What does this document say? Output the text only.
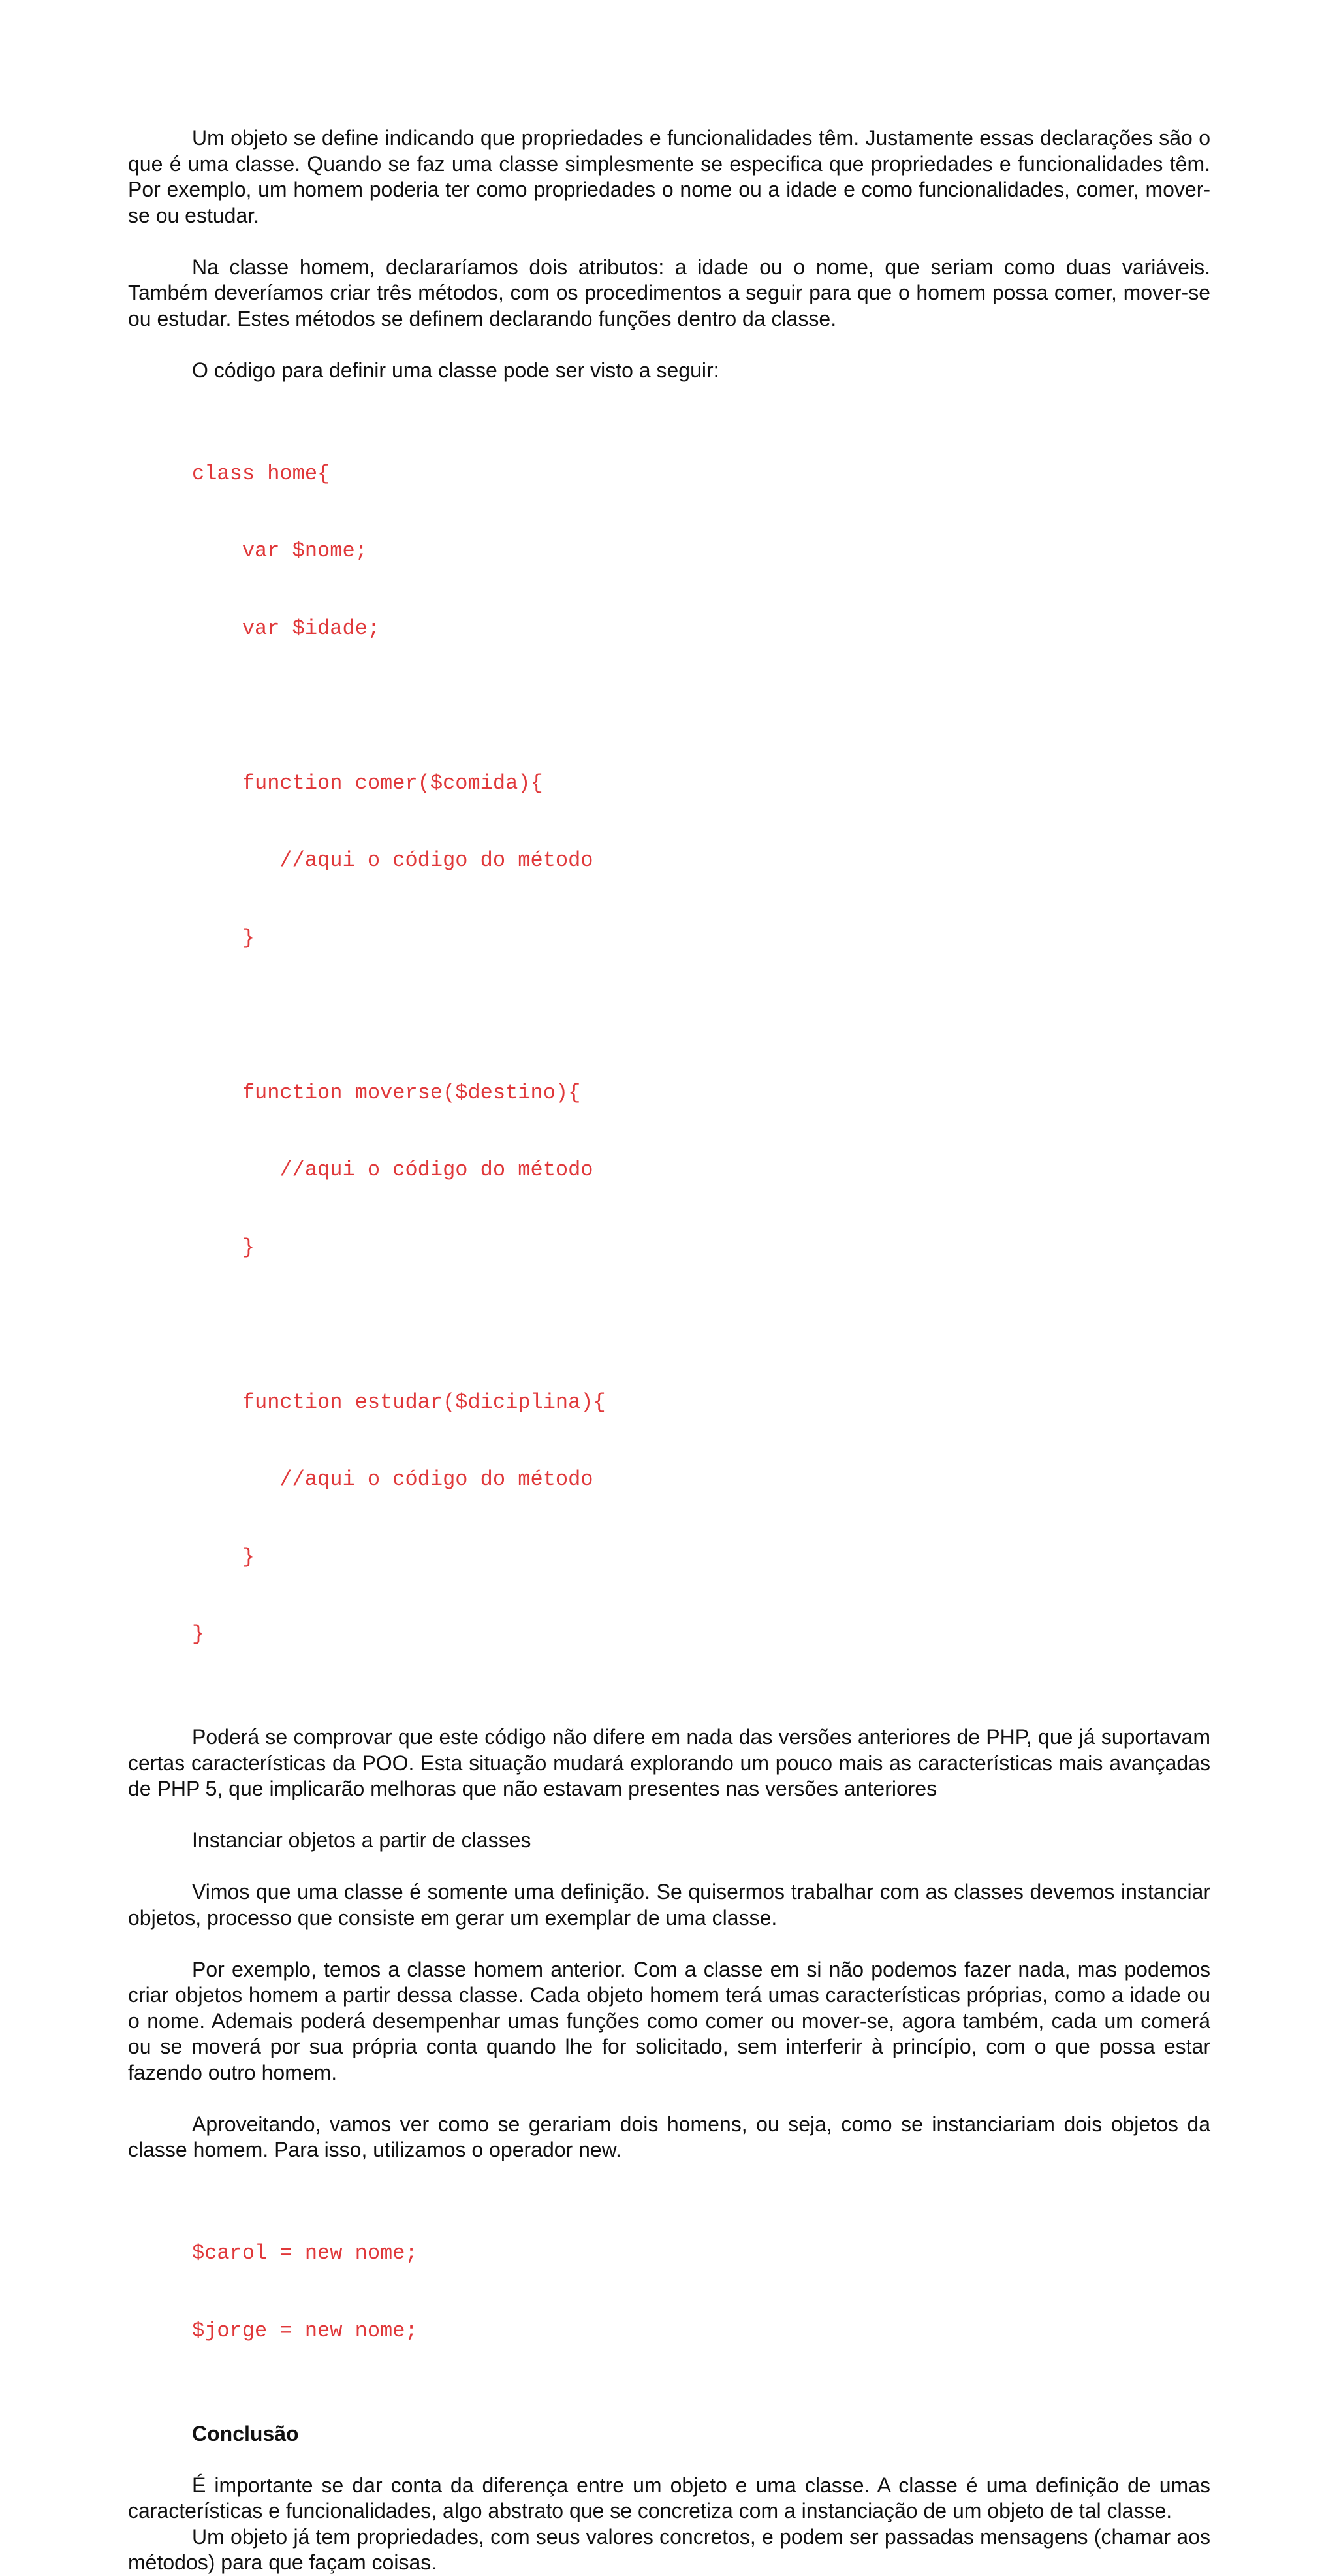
Um objeto se define indicando que propriedades e funcionalidades têm. Justamente essas declarações são o que é uma classe. Quando se faz uma classe simplesmente se especifica que propriedades e funcionalidades têm. Por exemplo, um homem poderia ter como propriedades o nome ou a idade e como funcionalidades, comer, mover-se ou estudar.

Na classe homem, declararíamos dois atributos: a idade ou o nome, que seriam como duas variáveis. Também deveríamos criar três métodos, com os procedimentos a seguir para que o homem possa comer, mover-se ou estudar. Estes métodos se definem declarando funções dentro da classe.

O código para definir uma classe pode ser visto a seguir:

class home{

var $nome;

var $idade;

function comer($comida){

//aqui o código do método

}

function moverse($destino){

//aqui o código do método

}

function estudar($diciplina){

//aqui o código do método

}

}

Poderá se comprovar que este código não difere em nada das versões anteriores de PHP, que já suportavam certas características da POO. Esta situação mudará explorando um pouco mais as características mais avançadas de PHP 5, que implicarão melhoras que não estavam presentes nas versões anteriores

Instanciar objetos a partir de classes

Vimos que uma classe é somente uma definição. Se quisermos trabalhar com as classes devemos instanciar objetos, processo que consiste em gerar um exemplar de uma classe.

Por exemplo, temos a classe homem anterior. Com a classe em si não podemos fazer nada, mas podemos criar objetos homem a partir dessa classe. Cada objeto homem terá umas características próprias, como a idade ou o nome. Ademais poderá desempenhar umas funções como comer ou mover-se, agora também, cada um comerá ou se moverá por sua própria conta quando lhe for solicitado, sem interferir à princípio, com o que possa estar fazendo outro homem.

Aproveitando, vamos ver como se gerariam dois homens, ou seja, como se instanciariam dois objetos da classe homem. Para isso, utilizamos o operador new.

$carol = new nome;

$jorge = new nome;

Conclusão

É importante se dar conta da diferença entre um objeto e uma classe. A classe é uma definição de umas características e funcionalidades, algo abstrato que se concretiza com a instanciação de um objeto de tal classe.

Um objeto já tem propriedades, com seus valores concretos, e podem ser passadas mensagens (chamar aos métodos) para que façam coisas.
